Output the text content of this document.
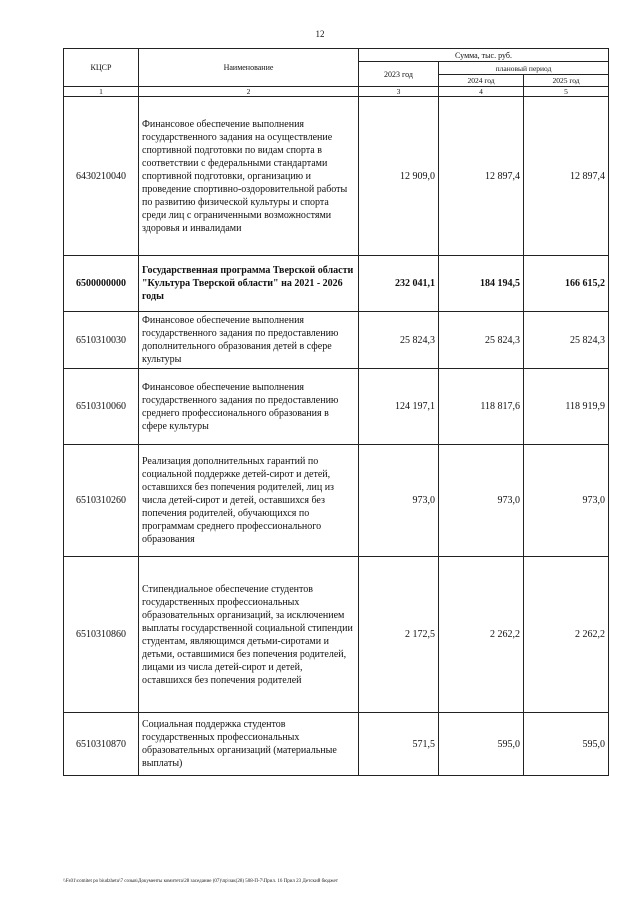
12
КЦСР	Наименование	Сумма, тыс. руб.		
		2023 год	плановый период	
			2024 год	2025 год
1	2	3	4	5
6430210040	Финансовое обеспечение выполнения государственного задания на осуществление спортивной подготовки по видам спорта в соответствии с федеральными стандартами спортивной подготовки, организацию и проведение спортивно-оздоровительной работы по развитию физической культуры и спорта среди лиц с ограниченными возможностями здоровья и инвалидами	12 909,0	12 897,4	12 897,4
6500000000	Государственная программа Тверской области "Культура Тверской области" на 2021 - 2026 годы	232 041,1	184 194,5	166 615,2
6510310030	Финансовое обеспечение выполнения государственного задания по предоставлению дополнительного образования детей в сфере культуры	25 824,3	25 824,3	25 824,3
6510310060	Финансовое обеспечение выполнения государственного задания по предоставлению среднего профессионального образования в сфере культуры	124 197,1	118 817,6	118 919,9
6510310260	Реализация дополнительных гарантий по социальной поддержке детей-сирот и детей, оставшихся без попечения родителей, лиц из числа детей-сирот и детей, оставшихся без попечения родителей, обучающихся по программам среднего профессионального образования	973,0	973,0	973,0
6510310860	Стипендиальное обеспечение студентов государственных профессиональных образовательных организаций, за исключением выплаты государственной социальной стипендии студентам, являющимся детьми-сиротами и детьми, оставшимися без попечения родителей, лицами из числа детей-сирот и детей, оставшихся без попечения родителей	2 172,5	2 262,2	2 262,2
6510310870	Социальная поддержка студентов государственных профессиональных образовательных организаций (материальные выплаты)	571,5	595,0	595,0
\\Fs01\comitet po biudzhetu\7 созыв\Документы комитета\28 заседание (07)\пр\зак(28) 508-П-7\Прил. 16 Прил 23 Детский бюджет
